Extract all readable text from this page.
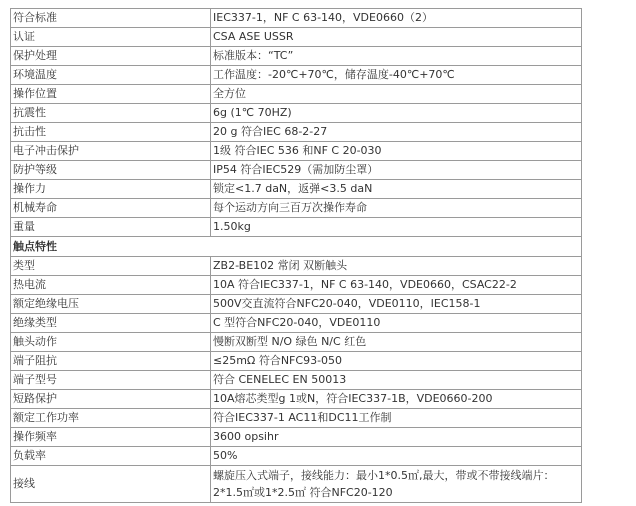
符合标准	IEC337-1，NF C 63-140，VDE0660（2）
认证	CSA ASE USSR
保护处理	标准版本：“TC”
环境温度	工作温度：-20℃+70℃，储存温度-40℃+70℃
操作位置	全方位
抗震性	6g (1℃ 70HZ)
抗击性	20 g 符合IEC 68-2-27
电子冲击保护	1级 符合IEC 536 和NF C 20-030
防护等级	IP54 符合IEC529（需加防尘罩）
操作力	锁定<1.7 daN，返弹<3.5 daN
机械寿命	每个运动方向三百万次操作寿命
重量	1.50kg
触点特性	
类型	ZB2-BE102 常闭 双断触头
热电流	10A 符合IEC337-1，NF C 63-140，VDE0660，CSAC22-2
额定绝缘电压	500V交直流符合NFC20-040，VDE0110，IEC158-1
绝缘类型	C 型符合NFC20-040，VDE0110
触头动作	慢断双断型 N/O 绿色 N/C 红色
端子阻抗	≤25mΩ 符合NFC93-050
端子型号	符合 CENELEC EN 50013
短路保护	10A熔芯类型g 1或N，符合IEC337-1B，VDE0660-200
额定工作功率	符合IEC337-1 AC11和DC11工作制
操作频率	3600 opsihr
负载率	50%
接线	螺旋压入式端子，接线能力：最小1*0.5㎡,最大，带或不带接线端片：2*1.5㎡或1*2.5㎡ 符合NFC20-120
